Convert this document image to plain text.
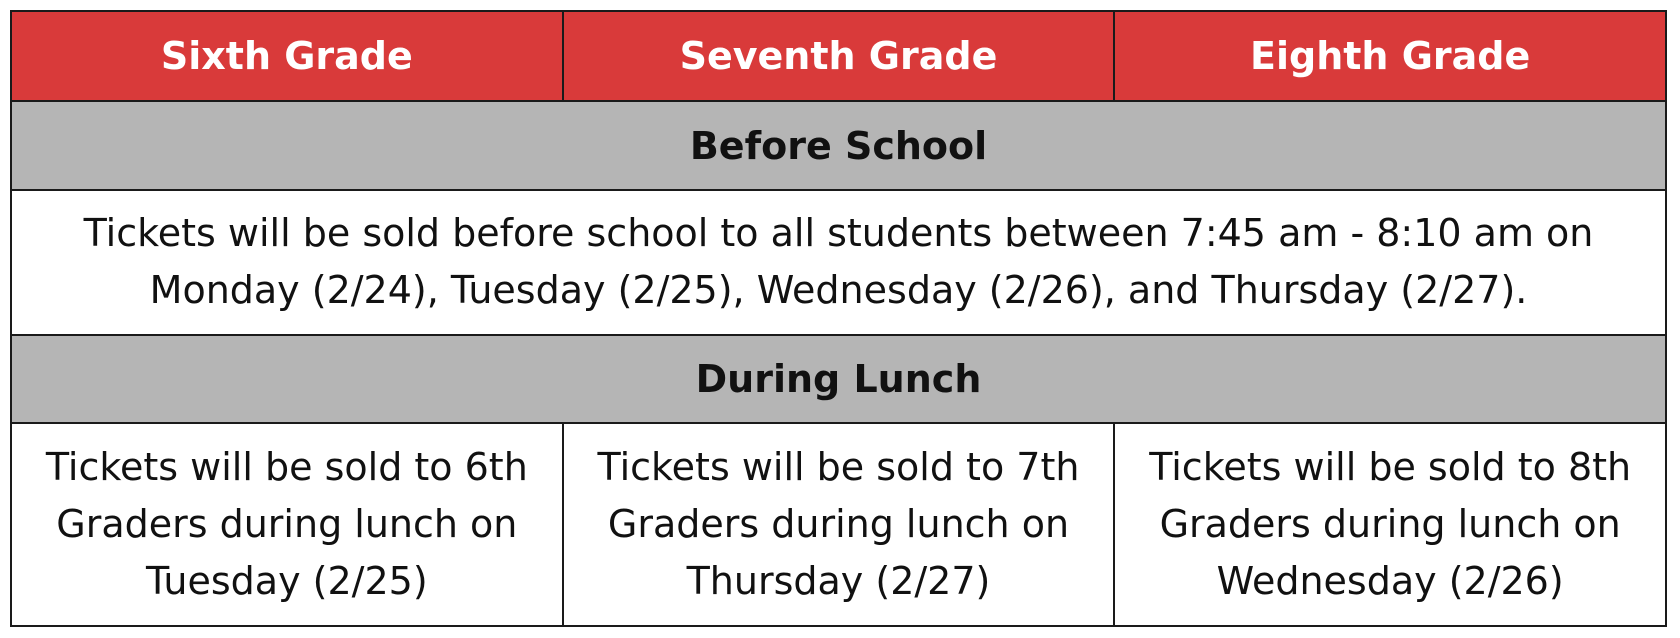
Sixth Grade	Seventh Grade	Eighth Grade
Before School		
Tickets will be sold before school to all students between 7:45 am - 8:10 am on Monday (2/24), Tuesday (2/25), Wednesday (2/26), and Thursday (2/27).		
During Lunch		
Tickets will be sold to 6th Graders during lunch on Tuesday (2/25)	Tickets will be sold to 7th Graders during lunch on Thursday (2/27)	Tickets will be sold to 8th Graders during lunch on Wednesday (2/26)
